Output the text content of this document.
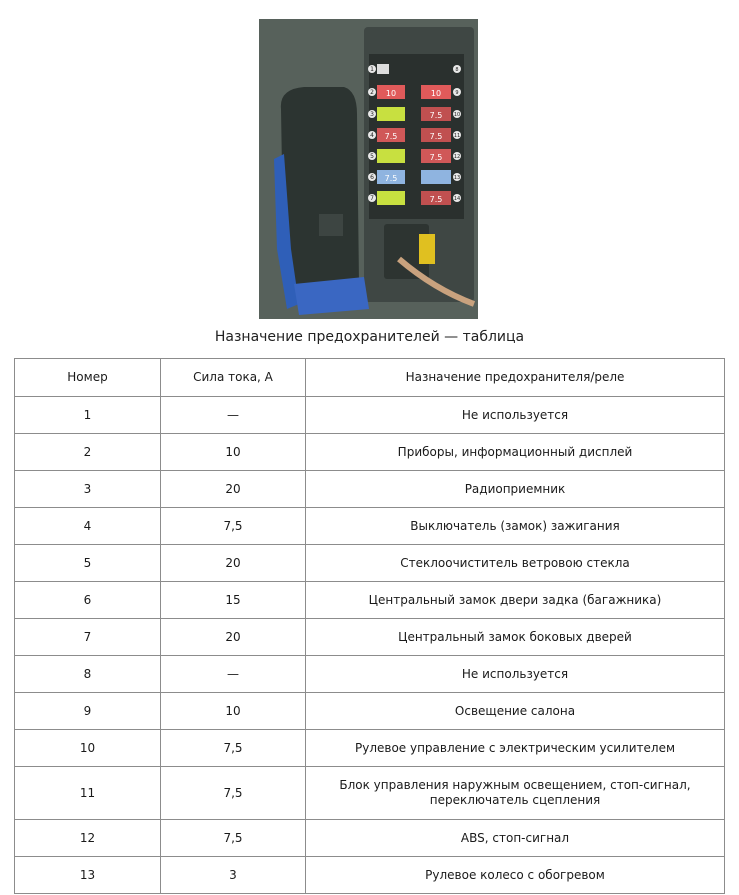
10
7.5
7.5
10
7.5
7.5
7.5
7.5
1
2
3
4
5
6
7
8
9
10
11
12
13
14
Назначение предохранителей — таблица
Номер	Сила тока, А	Назначение предохранителя/реле
1	—	Не используется
2	10	Приборы, информационный дисплей
3	20	Радиоприемник
4	7,5	Выключатель (замок) зажигания
5	20	Стеклоочиститель ветровою стекла
6	15	Центральный замок двери задка (багажника)
7	20	Центральный замок боковых дверей
8	—	Не используется
9	10	Освещение салона
10	7,5	Рулевое управление с электрическим усилителем
11	7,5	Блок управления наружным освещением, стоп-сигнал,
переключатель сцепления
12	7,5	ABS, стоп-сигнал
13	3	Рулевое колесо с обогревом
